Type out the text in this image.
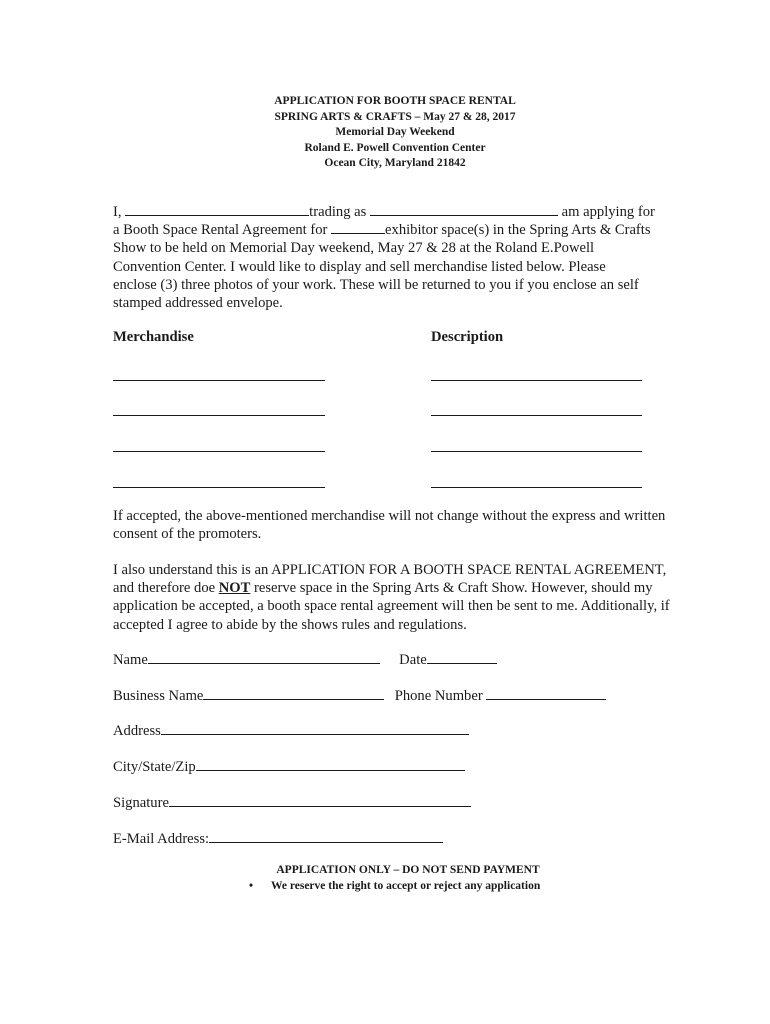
APPLICATION FOR BOOTH SPACE RENTAL
SPRING ARTS & CRAFTS – May 27 & 28, 2017
Memorial Day Weekend
Roland E. Powell Convention Center
Ocean City, Maryland 21842
I,	trading as	am applying for
a Booth Space Rental Agreement for	exhibitor space(s) in the Spring Arts & Crafts
Show to be held on Memorial Day weekend, May 27 & 28 at the Roland E.Powell
Convention Center. I would like to display and sell merchandise listed below. Please
enclose (3) three photos of your work. These will be returned to you if you enclose an self
stamped addressed envelope.
Merchandise	Description
If accepted, the above-mentioned merchandise will not change without the express and written
consent of the promoters.
I also understand this is an APPLICATION FOR A BOOTH SPACE RENTAL AGREEMENT,
and therefore doe NOT reserve space in the Spring Arts & Craft Show. However, should my
application be accepted, a booth space rental agreement will then be sent to me. Additionally, if
accepted I agree to abide by the shows rules and regulations.
Name	Date
Business Name	Phone Number
Address
City/State/Zip
Signature
E-Mail Address:
APPLICATION ONLY – DO NOT SEND PAYMENT
• We reserve the right to accept or reject any application
